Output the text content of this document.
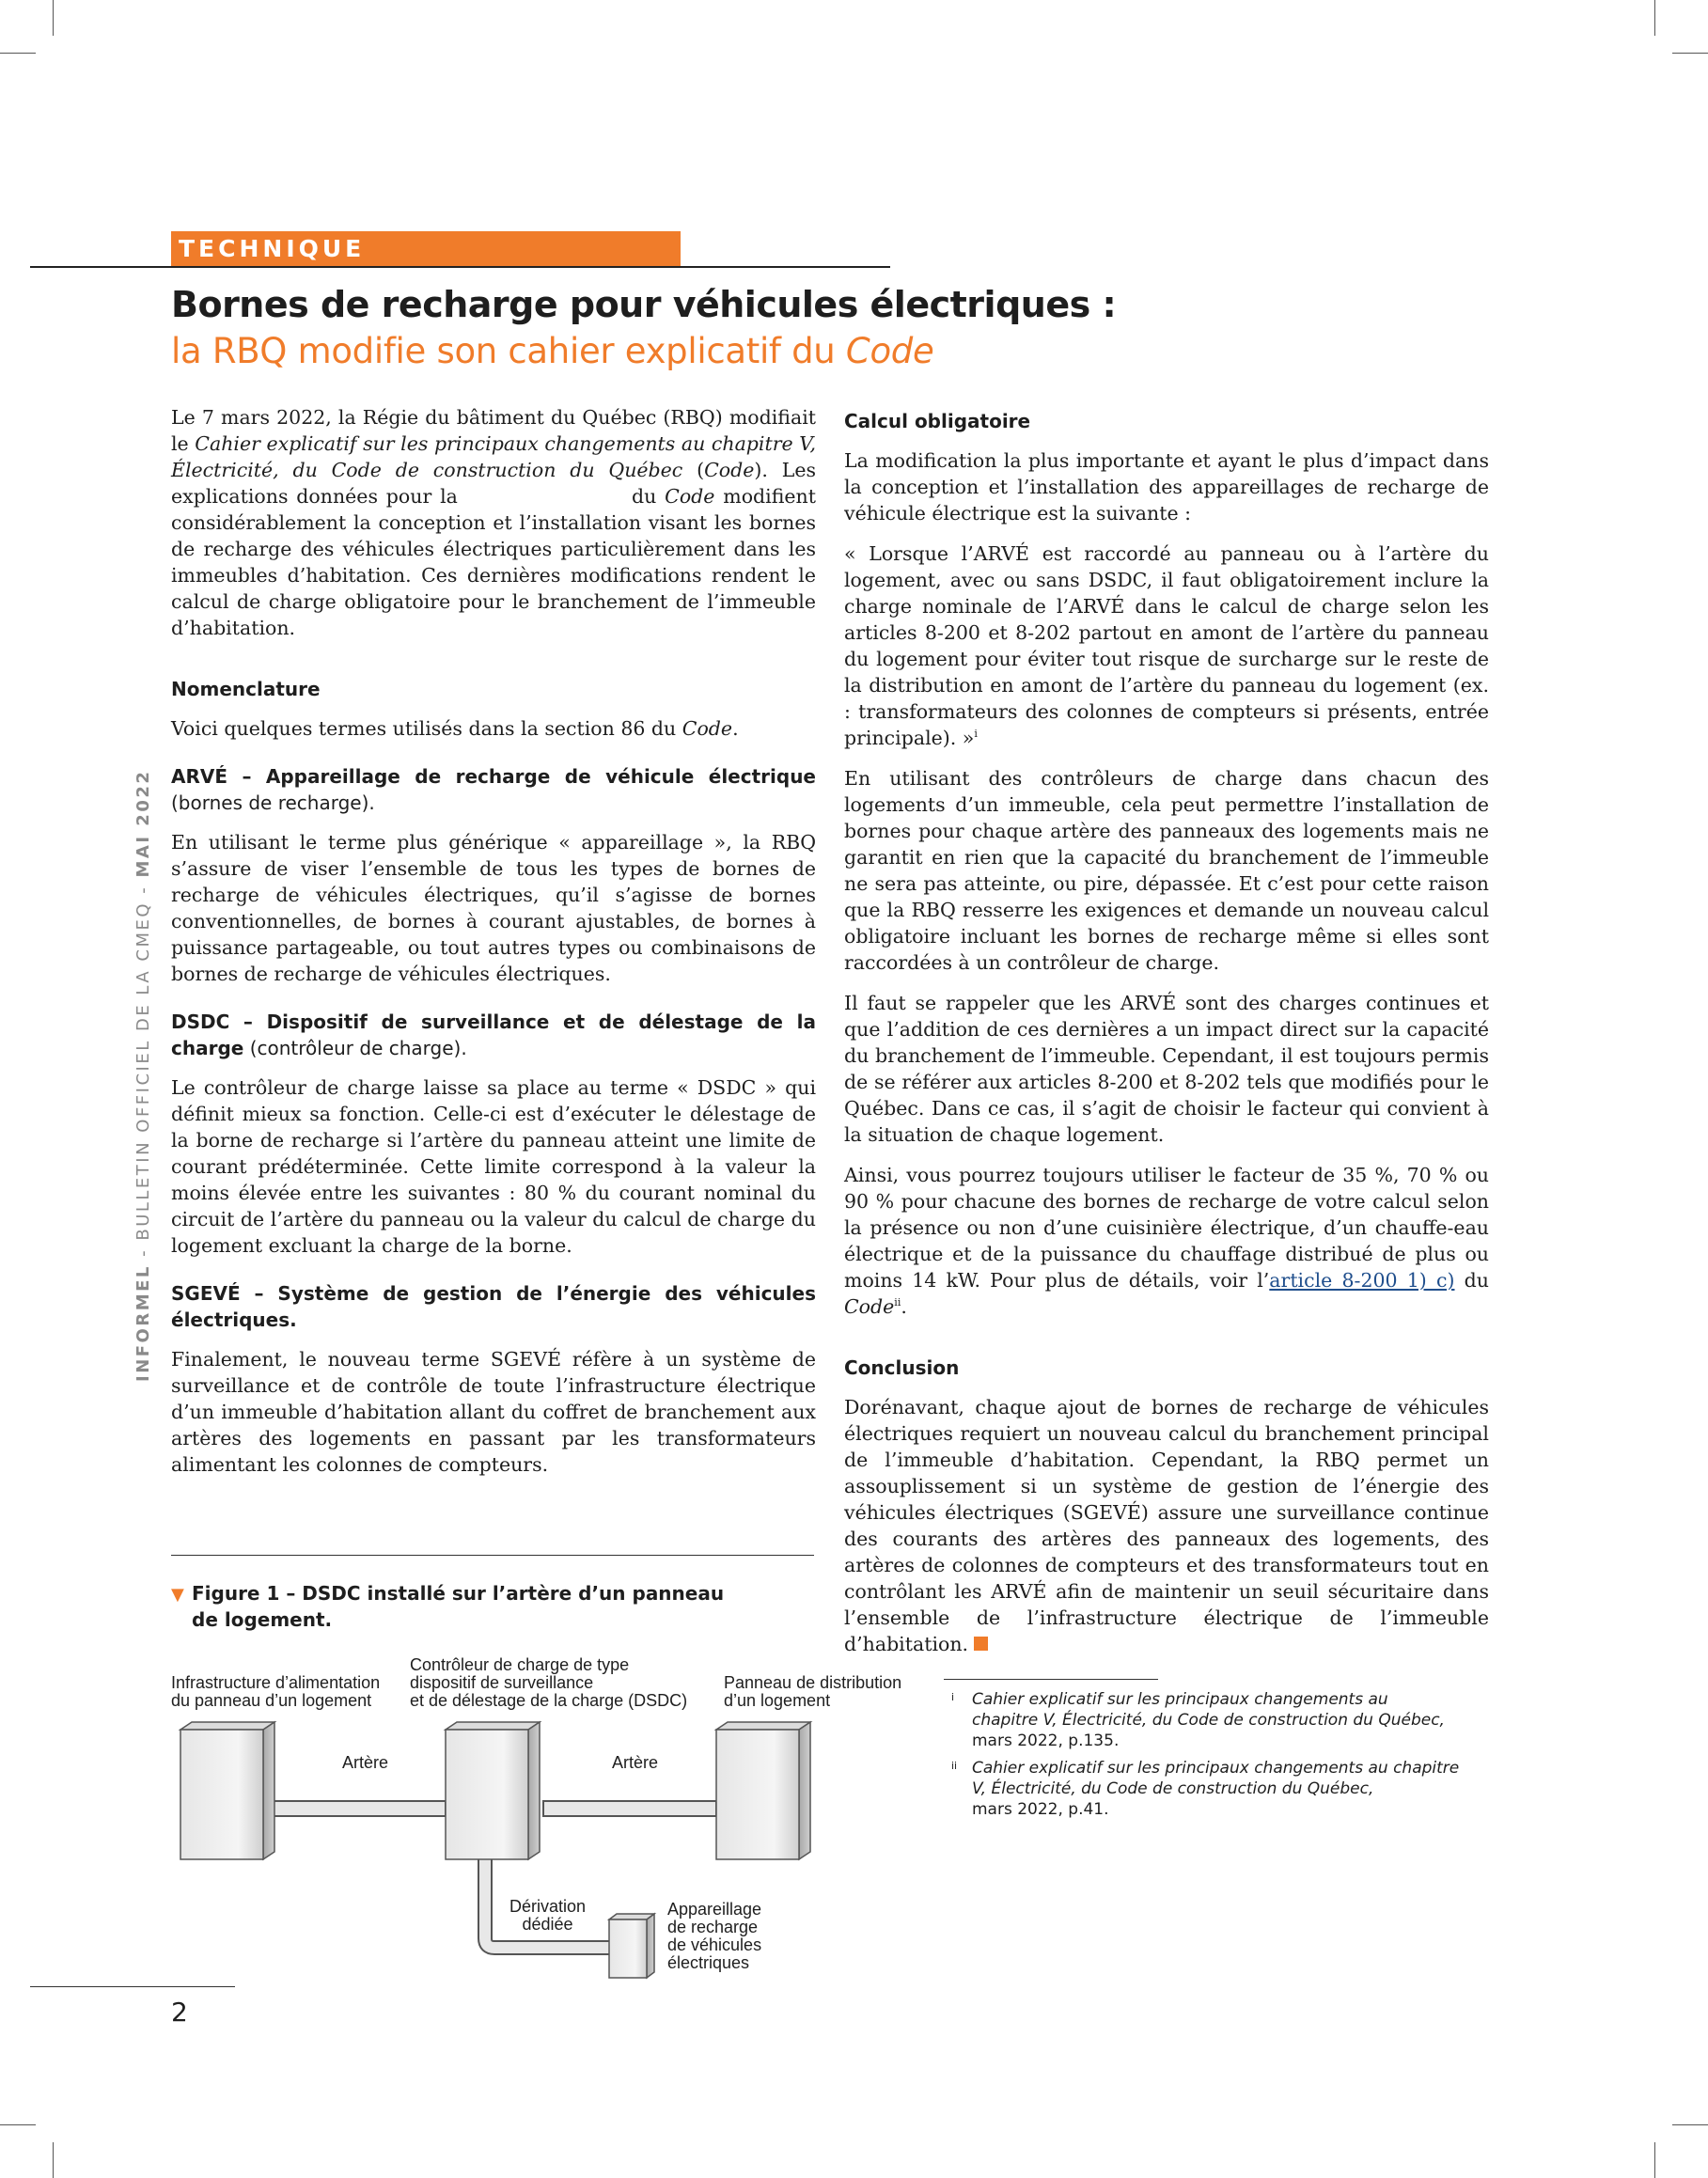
TECHNIQUE
Bornes de recharge pour véhicules électriques :
la RBQ modifie son cahier explicatif du Code
INFORMEL - BULLETIN OFFICIEL DE LA CMEQ - MAI 2022

Le 7 mars 2022, la Régie du bâtiment du Québec (RBQ) modifiait le Cahier explicatif sur les principaux changements au chapitre V, Électricité, du Code de construction du Québec (Code). Les explications données pour la                     du Code modifient considérablement la conception et l’installation visant les bornes de recharge des véhicules électriques particulièrement dans les immeubles d’habitation. Ces dernières modifications rendent le calcul de charge obligatoire pour le branchement de l’immeuble d’habitation.

Nomenclature

Voici quelques termes utilisés dans la section 86 du Code.

ARVÉ – Appareillage de recharge de véhicule électrique (bornes de recharge).

En utilisant le terme plus générique « appareillage », la RBQ s’assure de viser l’ensemble de tous les types de bornes de recharge de véhicules électriques, qu’il s’agisse de bornes conventionnelles, de bornes à courant ajustables, de bornes à puissance partageable, ou tout autres types ou combinaisons de bornes de recharge de véhicules électriques.

DSDC – Dispositif de surveillance et de délestage de la charge (contrôleur de charge).

Le contrôleur de charge laisse sa place au terme « DSDC » qui définit mieux sa fonction. Celle-ci est d’exécuter le délestage de la borne de recharge si l’artère du panneau atteint une limite de courant prédéterminée. Cette limite correspond à la valeur la moins élevée entre les suivantes : 80 % du courant nominal du circuit de l’artère du panneau ou la valeur du calcul de charge du logement excluant la charge de la borne.

SGEVÉ – Système de gestion de l’énergie des véhicules électriques.

Finalement, le nouveau terme SGEVÉ réfère à un système de surveillance et de contrôle de toute l’infrastructure électrique d’un immeuble d’habitation allant du coffret de branchement aux artères des logements en passant par les transformateurs alimentant les colonnes de compteurs.

Calcul obligatoire

La modification la plus importante et ayant le plus d’impact dans la conception et l’installation des appareillages de recharge de véhicule électrique est la suivante :

« Lorsque l’ARVÉ est raccordé au panneau ou à l’artère du logement, avec ou sans DSDC, il faut obligatoirement inclure la charge nominale de l’ARVÉ dans le calcul de charge selon les articles 8-200 et 8-202 partout en amont de l’artère du panneau du logement pour éviter tout risque de surcharge sur le reste de la distribution en amont de l’artère du panneau du logement (ex. : transformateurs des colonnes de compteurs si présents, entrée principale). »$^i$

En utilisant des contrôleurs de charge dans chacun des logements d’un immeuble, cela peut permettre l’installation de bornes pour chaque artère des panneaux des logements mais ne garantit en rien que la capacité du branchement de l’immeuble ne sera pas atteinte, ou pire, dépassée. Et c’est pour cette raison que la RBQ resserre les exigences et demande un nouveau calcul obligatoire incluant les bornes de recharge même si elles sont raccordées à un contrôleur de charge.

Il faut se rappeler que les ARVÉ sont des charges continues et que l’addition de ces dernières a un impact direct sur la capacité du branchement de l’immeuble. Cependant, il est toujours permis de se référer aux articles 8-200 et 8-202 tels que modifiés pour le Québec. Dans ce cas, il s’agit de choisir le facteur qui convient à la situation de chaque logement.

Ainsi, vous pourrez toujours utiliser le facteur de 35 %, 70 % ou 90 % pour chacune des bornes de recharge de votre calcul selon la présence ou non d’une cuisinière électrique, d’un chauffe-eau électrique et de la puissance du chauffage distribué de plus ou moins 14 kW. Pour plus de détails, voir l’article 8-200 1) c) du Code$^{ii}$.

Conclusion

Dorénavant, chaque ajout de bornes de recharge de véhicules électriques requiert un nouveau calcul du branchement principal de l’immeuble d’habitation. Cependant, la RBQ permet un assouplissement si un système de gestion de l’énergie des véhicules électriques (SGEVÉ) assure une surveillance continue des courants des artères des panneaux des logements, des artères de colonnes de compteurs et des transformateurs tout en contrôlant les ARVÉ afin de maintenir un seuil sécuritaire dans l’ensemble de l’infrastructure électrique de l’immeuble d’habitation.

▼ Figure 1 – DSDC installé sur l’artère d’un panneau
de logement.
Infrastructure d’alimentation
du panneau d’un logement
Contrôleur de charge de type
dispositif de surveillance
et de délestage de la charge (DSDC)
Panneau de distribution
d’un logement
Artère	Artère
Dérivation
dédiée
Appareillage
de recharge
de véhicules
électriques
i	Cahier explicatif sur les principaux changements au
chapitre V, Électricité, du Code de construction du Québec,
mars 2022, p.135.
ii Cahier explicatif sur les principaux changements au chapitre
V, Électricité, du Code de construction du Québec,
mars 2022, p.41.
2
